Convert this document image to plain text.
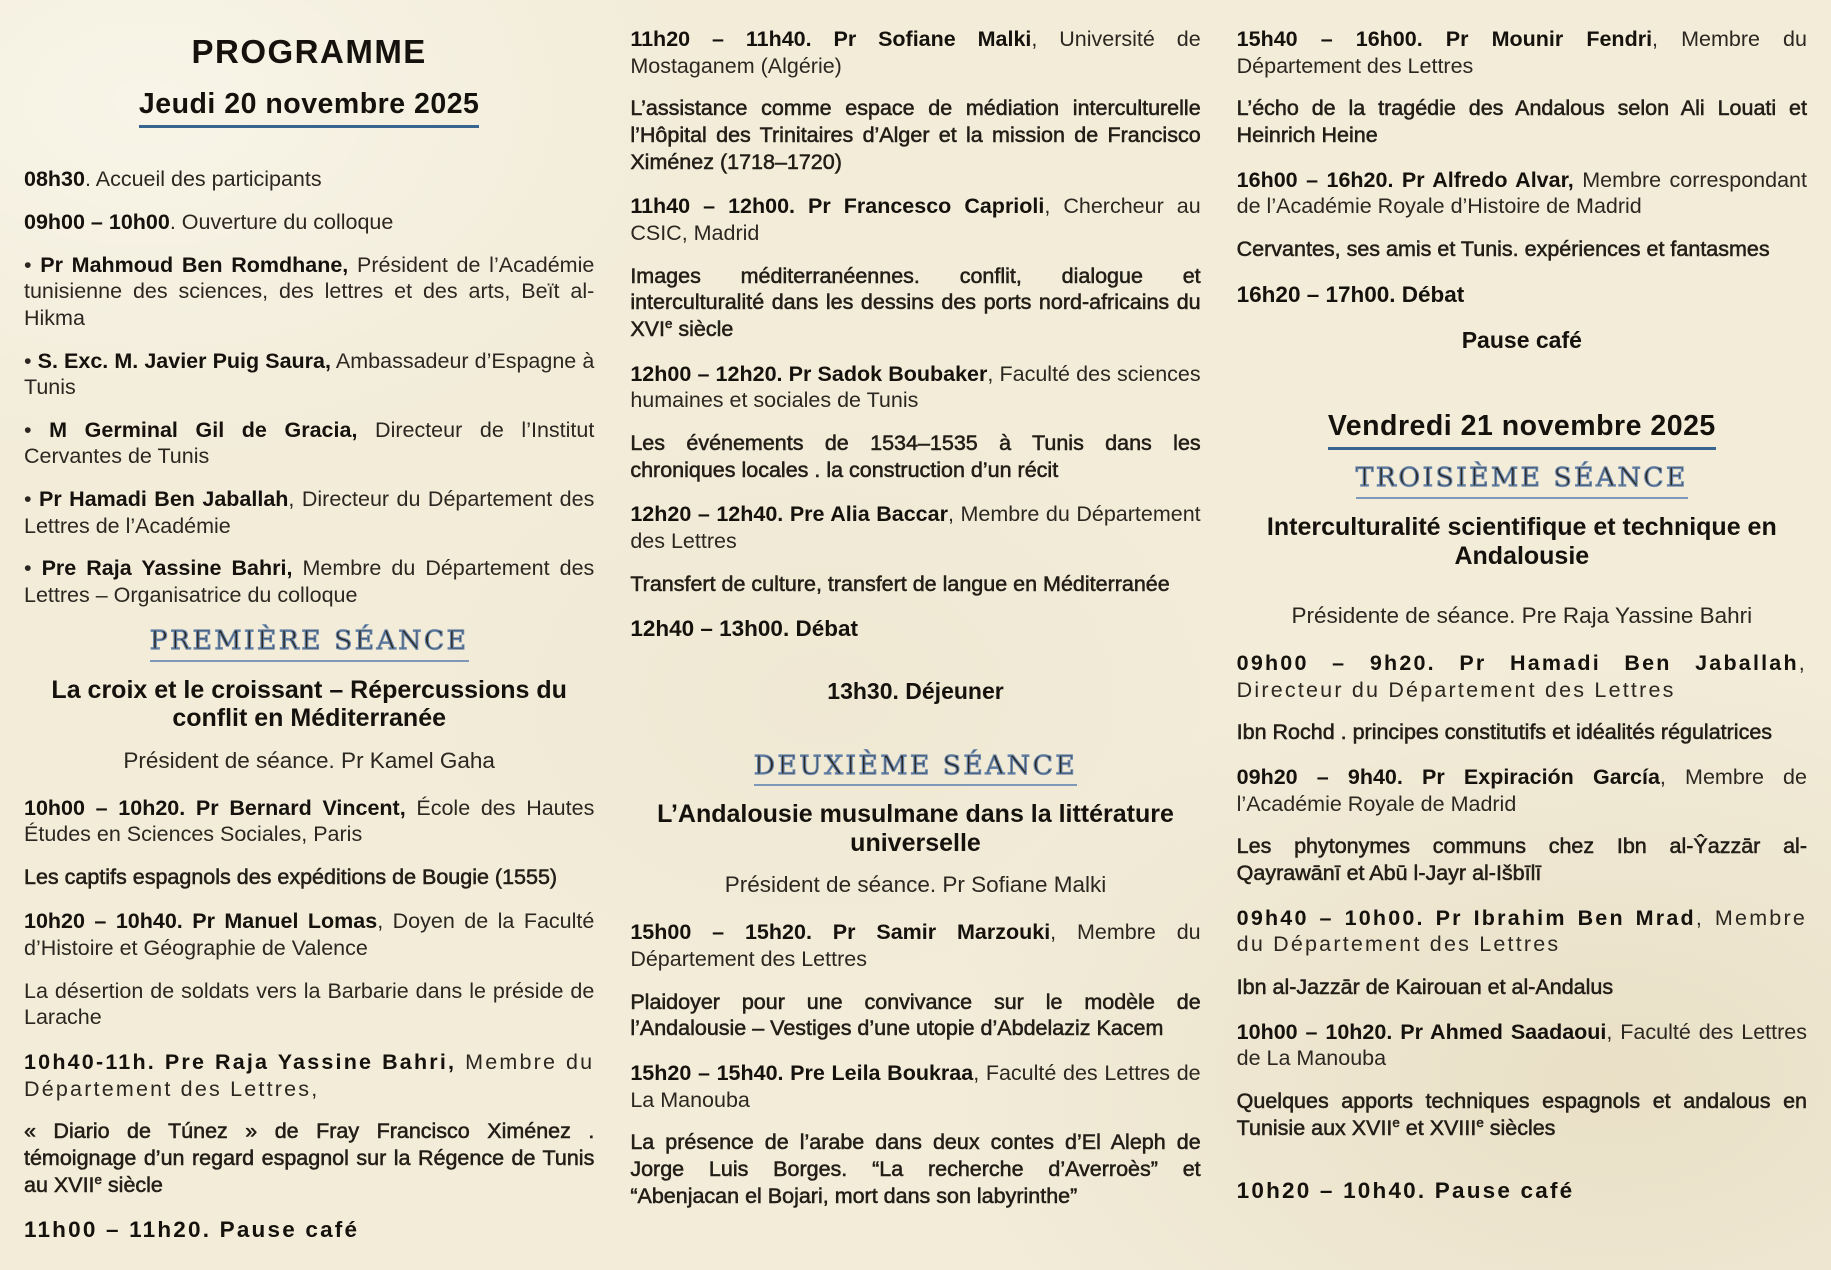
PROGRAMME

Jeudi 20 novembre 2025

08h30. Accueil des participants

09h00 – 10h00. Ouverture du colloque

• Pr Mahmoud Ben Romdhane, Président de l’Académie tunisienne des sciences, des lettres et des arts, Beït al-Hikma

• S. Exc. M. Javier Puig Saura, Ambassadeur d’Espagne à Tunis

• M Germinal Gil de Gracia, Directeur de l’Institut Cervantes de Tunis

• Pr Hamadi Ben Jaballah, Directeur du Département des Lettres de l’Académie

• Pre Raja Yassine Bahri, Membre du Département des Lettres – Organisatrice du colloque

PREMIÈRE SÉANCE

La croix et le croissant – Répercussions du conflit en Méditerranée

Président de séance. Pr Kamel Gaha

10h00 – 10h20. Pr Bernard Vincent, École des Hautes Études en Sciences Sociales, Paris

Les captifs espagnols des expéditions de Bougie (1555)

10h20 – 10h40. Pr Manuel Lomas, Doyen de la Faculté d’Histoire et Géographie de Valence

La désertion de soldats vers la Barbarie dans le préside de Larache

10h40-11h. Pre Raja Yassine Bahri, Membre du Département des Lettres,

« Diario de Túnez » de Fray Francisco Ximénez . témoignage d’un regard espagnol sur la Régence de Tunis au XVIIe siècle

11h00 – 11h20. Pause café

11h20 – 11h40. Pr Sofiane Malki, Université de Mostaganem (Algérie)

L’assistance comme espace de médiation interculturelle l’Hôpital des Trinitaires d’Alger et la mission de Francisco Ximénez (1718–1720)

11h40 – 12h00. Pr Francesco Caprioli, Chercheur au CSIC, Madrid

Images méditerranéennes. conflit, dialogue et interculturalité dans les dessins des ports nord-africains du XVIe siècle

12h00 – 12h20. Pr Sadok Boubaker, Faculté des sciences humaines et sociales de Tunis

Les événements de 1534–1535 à Tunis dans les chroniques locales . la construction d’un récit

12h20 – 12h40. Pre Alia Baccar, Membre du Département des Lettres

Transfert de culture, transfert de langue en Méditerranée

12h40 – 13h00. Débat

13h30. Déjeuner

DEUXIÈME SÉANCE

L’Andalousie musulmane dans la littérature universelle

Président de séance. Pr Sofiane Malki

15h00 – 15h20. Pr Samir Marzouki, Membre du Département des Lettres

Plaidoyer pour une convivance sur le modèle de l’Andalousie – Vestiges d’une utopie d’Abdelaziz Kacem

15h20 – 15h40. Pre Leila Boukraa, Faculté des Lettres de La Manouba

La présence de l’arabe dans deux contes d’El Aleph de Jorge Luis Borges. “La recherche d’Averroès” et “Abenjacan el Bojari, mort dans son labyrinthe”

15h40 – 16h00. Pr Mounir Fendri, Membre du Département des Lettres

L’écho de la tragédie des Andalous selon Ali Louati et Heinrich Heine

16h00 – 16h20. Pr Alfredo Alvar, Membre correspondant de l’Académie Royale d’Histoire de Madrid

Cervantes, ses amis et Tunis. expériences et fantasmes

16h20 – 17h00. Débat

Pause café

Vendredi 21 novembre 2025

TROISIÈME SÉANCE

Interculturalité scientifique et technique en Andalousie

Présidente de séance. Pre Raja Yassine Bahri

09h00 – 9h20. Pr Hamadi Ben Jaballah, Directeur du Département des Lettres

Ibn Rochd . principes constitutifs et idéalités régulatrices

09h20 – 9h40. Pr Expiración García, Membre de l’Académie Royale de Madrid

Les phytonymes communs chez Ibn al-Ŷazzār al-Qayrawānī et Abū l-Jayr al-Išbīlī

09h40 – 10h00. Pr Ibrahim Ben Mrad, Membre du Département des Lettres

Ibn al-Jazzār de Kairouan et al-Andalus

10h00 – 10h20. Pr Ahmed Saadaoui, Faculté des Lettres de La Manouba

Quelques apports techniques espagnols et andalous en Tunisie aux XVIIe et XVIIIe siècles

10h20 – 10h40. Pause café
